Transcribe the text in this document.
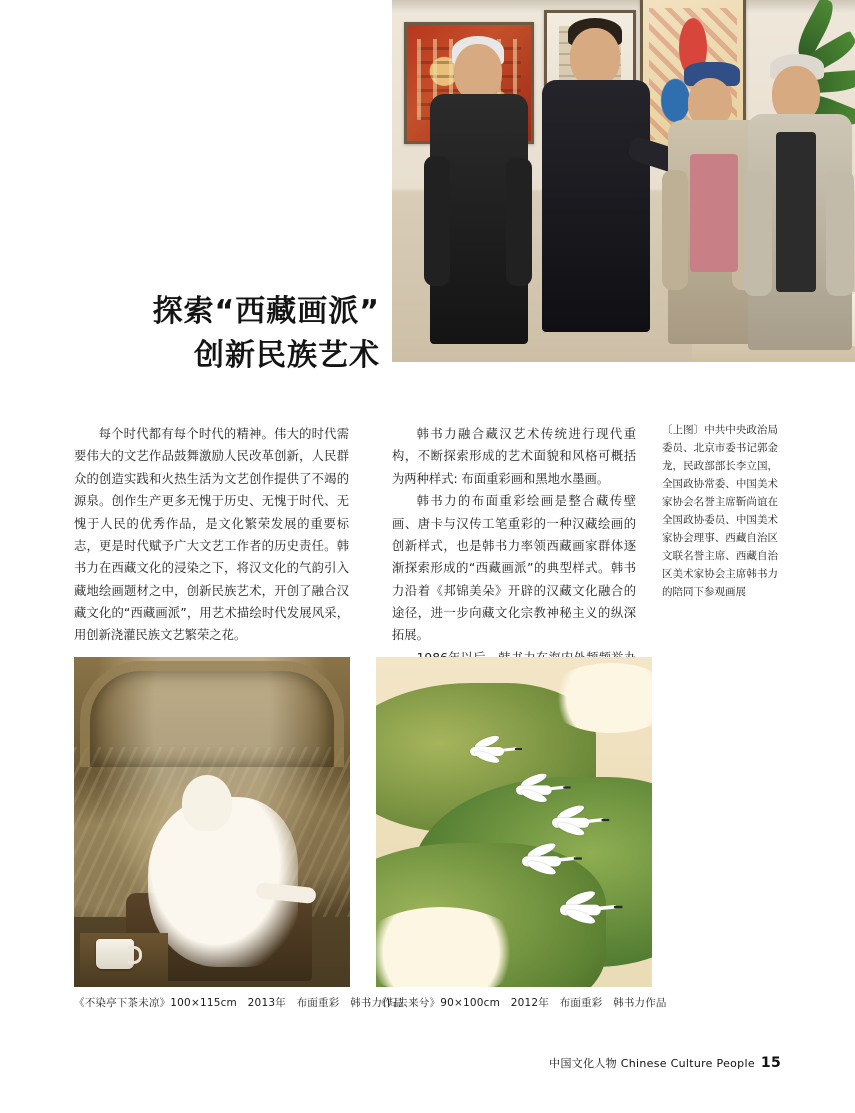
探索“西藏画派”
创新民族艺术

每个时代都有每个时代的精神。伟大的时代需要伟大的文艺作品鼓舞激励人民改革创新，人民群众的创造实践和火热生活为文艺创作提供了不竭的源泉。创作生产更多无愧于历史、无愧于时代、无愧于人民的优秀作品，是文化繁荣发展的重要标志，更是时代赋予广大文艺工作者的历史责任。韩书力在西藏文化的浸染之下，将汉文化的气韵引入藏地绘画题材之中，创新民族艺术，开创了融合汉藏文化的“西藏画派”，用艺术描绘时代发展风采，用创新浇灌民族文艺繁荣之花。

韩书力融合藏汉艺术传统进行现代重构，不断探索形成的艺术面貌和风格可概括为两种样式: 布面重彩画和黑地水墨画。

韩书力的布面重彩绘画是整合藏传壁画、唐卡与汉传工笔重彩的一种汉藏绘画的创新样式，也是韩书力率领西藏画家群体逐渐探索形成的“西藏画派”的典型样式。韩书力沿着《邦锦美朵》开辟的汉藏文化融合的途径，进一步向藏文化宗教神秘主义的纵深拓展。

〔上图〕中共中央政治局委员、北京市委书记郭金龙，民政部部长李立国，全国政协常委、中国美术家协会名誉主席靳尚谊在全国政协委员、中国美术家协会理事、西藏自治区文联名誉主席、西藏自治区美术家协会主席韩书力的陪同下参观画展

《不染亭下茶未凉》100×115cm　2013年　布面重彩　韩书力作品
《归去来兮》90×100cm　2012年　布面重彩　韩书力作品
中国文化人物 Chinese Culture People 15
